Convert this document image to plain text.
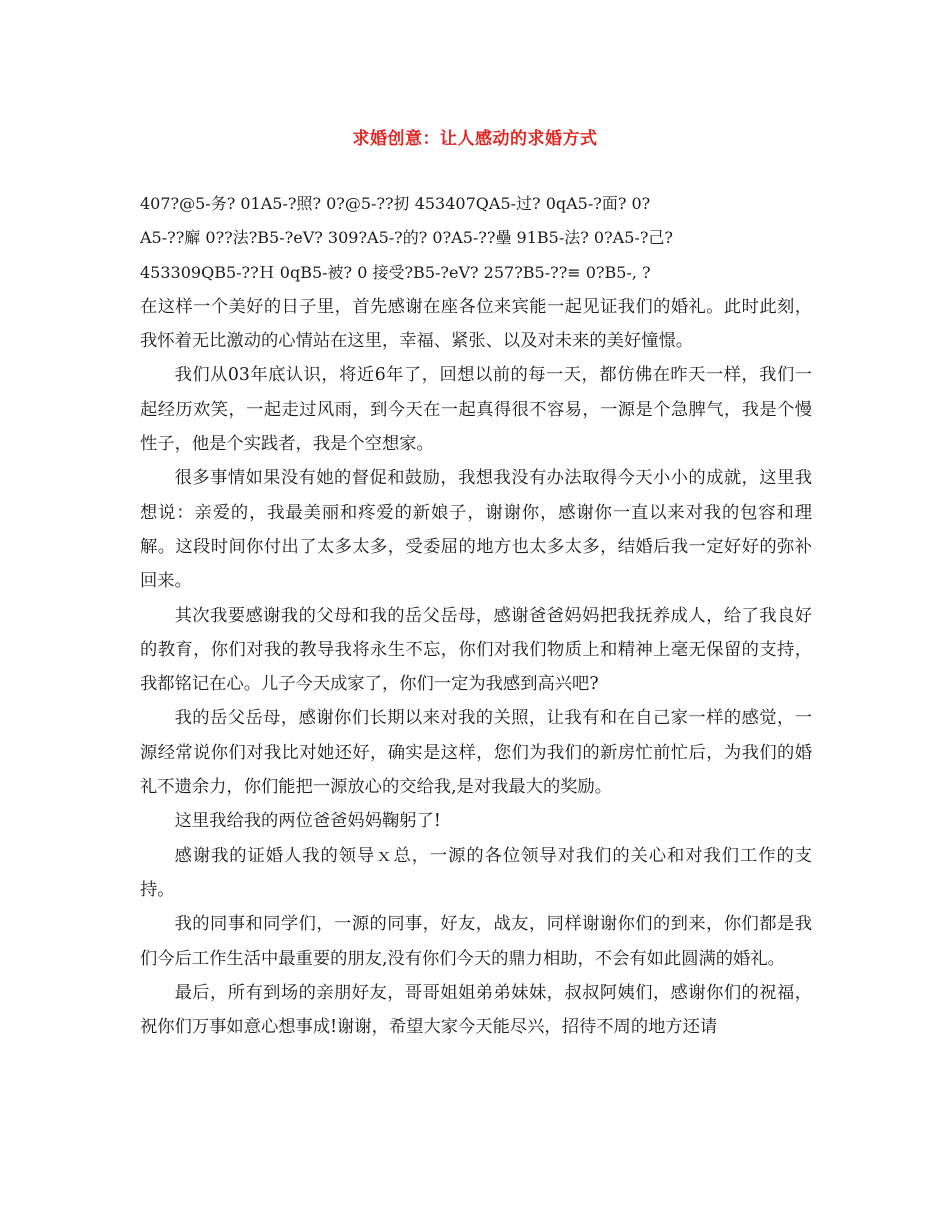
求婚创意：让人感动的求婚方式
407?@5-务? 01A5-?照? 0?@5-??扨 453407QA5-过? 0qA5-?面? 0?
A5-??廨 0??法?B5-?eV? 309?A5-?的? 0?A5-??壘 91B5-法? 0?A5-?己?
453309QB5-??Ｈ 0qB5-被? 0 接受?B5-?eV? 257?B5-??≡ 0?B5-, ?

在这样一个美好的日子里，首先感谢在座各位来宾能一起见证我们的婚礼。此时此刻，我怀着无比激动的心情站在这里，幸福、紧张、以及对未来的美好憧憬。

我们从03年底认识，将近6年了，回想以前的每一天，都仿佛在昨天一样，我们一起经历欢笑，一起走过风雨，到今天在一起真得很不容易，一源是个急脾气，我是个慢性子，他是个实践者，我是个空想家。

很多事情如果没有她的督促和鼓励，我想我没有办法取得今天小小的成就，这里我想说：亲爱的，我最美丽和疼爱的新娘子，谢谢你，感谢你一直以来对我的包容和理解。这段时间你付出了太多太多，受委屈的地方也太多太多，结婚后我一定好好的弥补回来。

其次我要感谢我的父母和我的岳父岳母，感谢爸爸妈妈把我抚养成人，给了我良好的教育，你们对我的教导我将永生不忘，你们对我们物质上和精神上毫无保留的支持，我都铭记在心。儿子今天成家了，你们一定为我感到高兴吧?

我的岳父岳母，感谢你们长期以来对我的关照，让我有和在自己家一样的感觉，一源经常说你们对我比对她还好，确实是这样，您们为我们的新房忙前忙后，为我们的婚礼不遗余力，你们能把一源放心的交给我,是对我最大的奖励。

这里我给我的两位爸爸妈妈鞠躬了!

感谢我的证婚人我的领导ｘ总，一源的各位领导对我们的关心和对我们工作的支持。

我的同事和同学们，一源的同事，好友，战友，同样谢谢你们的到来，你们都是我们今后工作生活中最重要的朋友,没有你们今天的鼎力相助，不会有如此圆满的婚礼。

最后，所有到场的亲朋好友，哥哥姐姐弟弟妹妹，叔叔阿姨们，感谢你们的祝福，祝你们万事如意心想事成!谢谢，希望大家今天能尽兴，招待不周的地方还请
